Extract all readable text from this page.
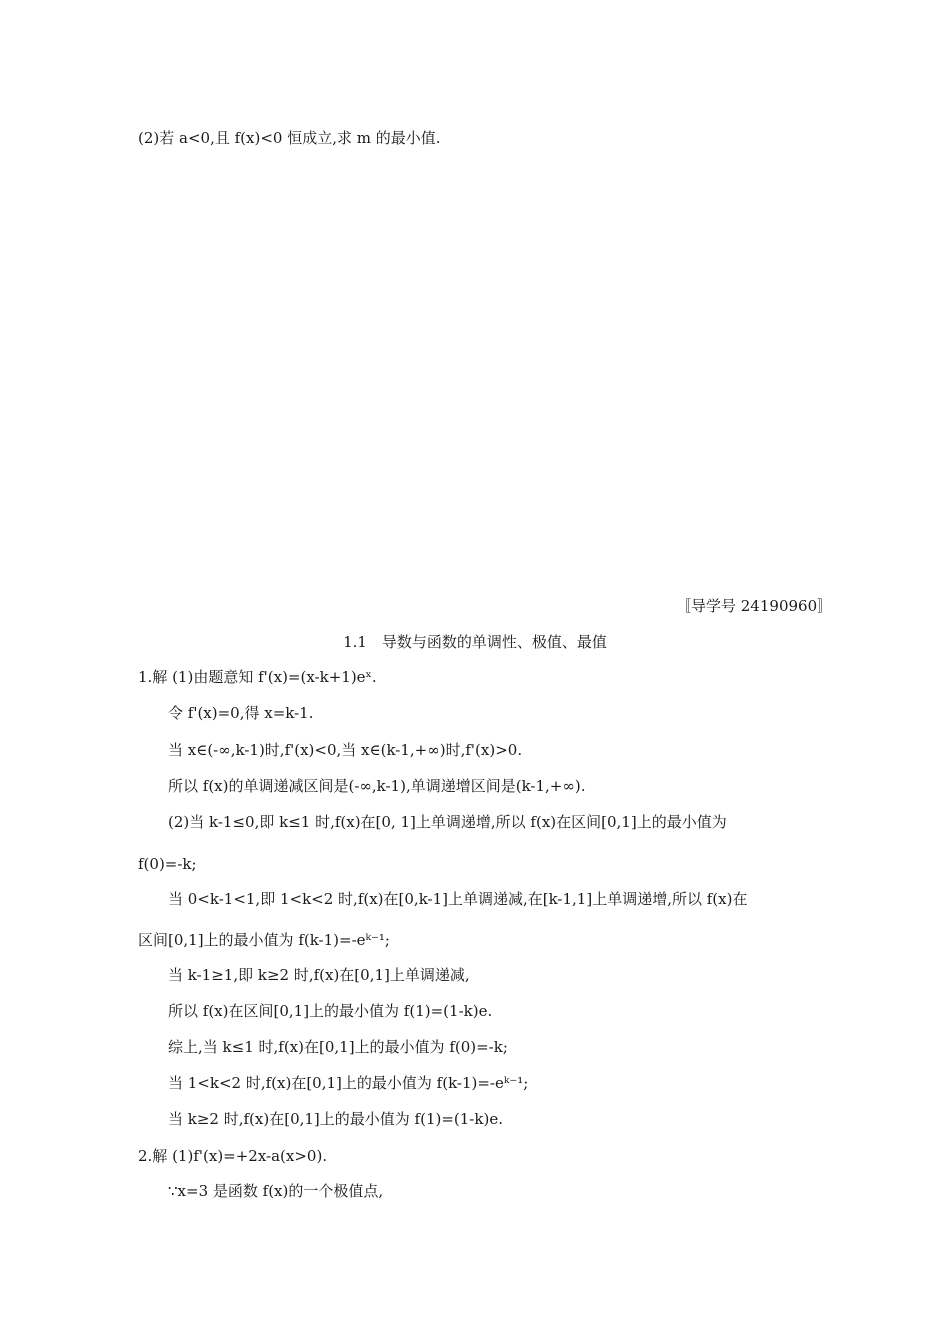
(2)若 a<0,且 f(x)<0 恒成立,求 m 的最小值.
〚导学号 24190960〛
1.1　导数与函数的单调性、极值、最值
1.解 (1)由题意知 f'(x)=(x-k+1)eˣ.
令 f'(x)=0,得 x=k-1.
当 x∈(-∞,k-1)时,f'(x)<0,当 x∈(k-1,+∞)时,f'(x)>0.
所以 f(x)的单调递减区间是(-∞,k-1),单调递增区间是(k-1,+∞).
(2)当 k-1≤0,即 k≤1 时,f(x)在[0, 1]上单调递增,所以 f(x)在区间[0,1]上的最小值为
f(0)=-k;
当 0<k-1<1,即 1<k<2 时,f(x)在[0,k-1]上单调递减,在[k-1,1]上单调递增,所以 f(x)在
区间[0,1]上的最小值为 f(k-1)=-eᵏ⁻¹;
当 k-1≥1,即 k≥2 时,f(x)在[0,1]上单调递减,
所以 f(x)在区间[0,1]上的最小值为 f(1)=(1-k)e.
综上,当 k≤1 时,f(x)在[0,1]上的最小值为 f(0)=-k;
当 1<k<2 时,f(x)在[0,1]上的最小值为 f(k-1)=-eᵏ⁻¹;
当 k≥2 时,f(x)在[0,1]上的最小值为 f(1)=(1-k)e.
2.解 (1)f'(x)=+2x-a(x>0).
∵x=3 是函数 f(x)的一个极值点,
